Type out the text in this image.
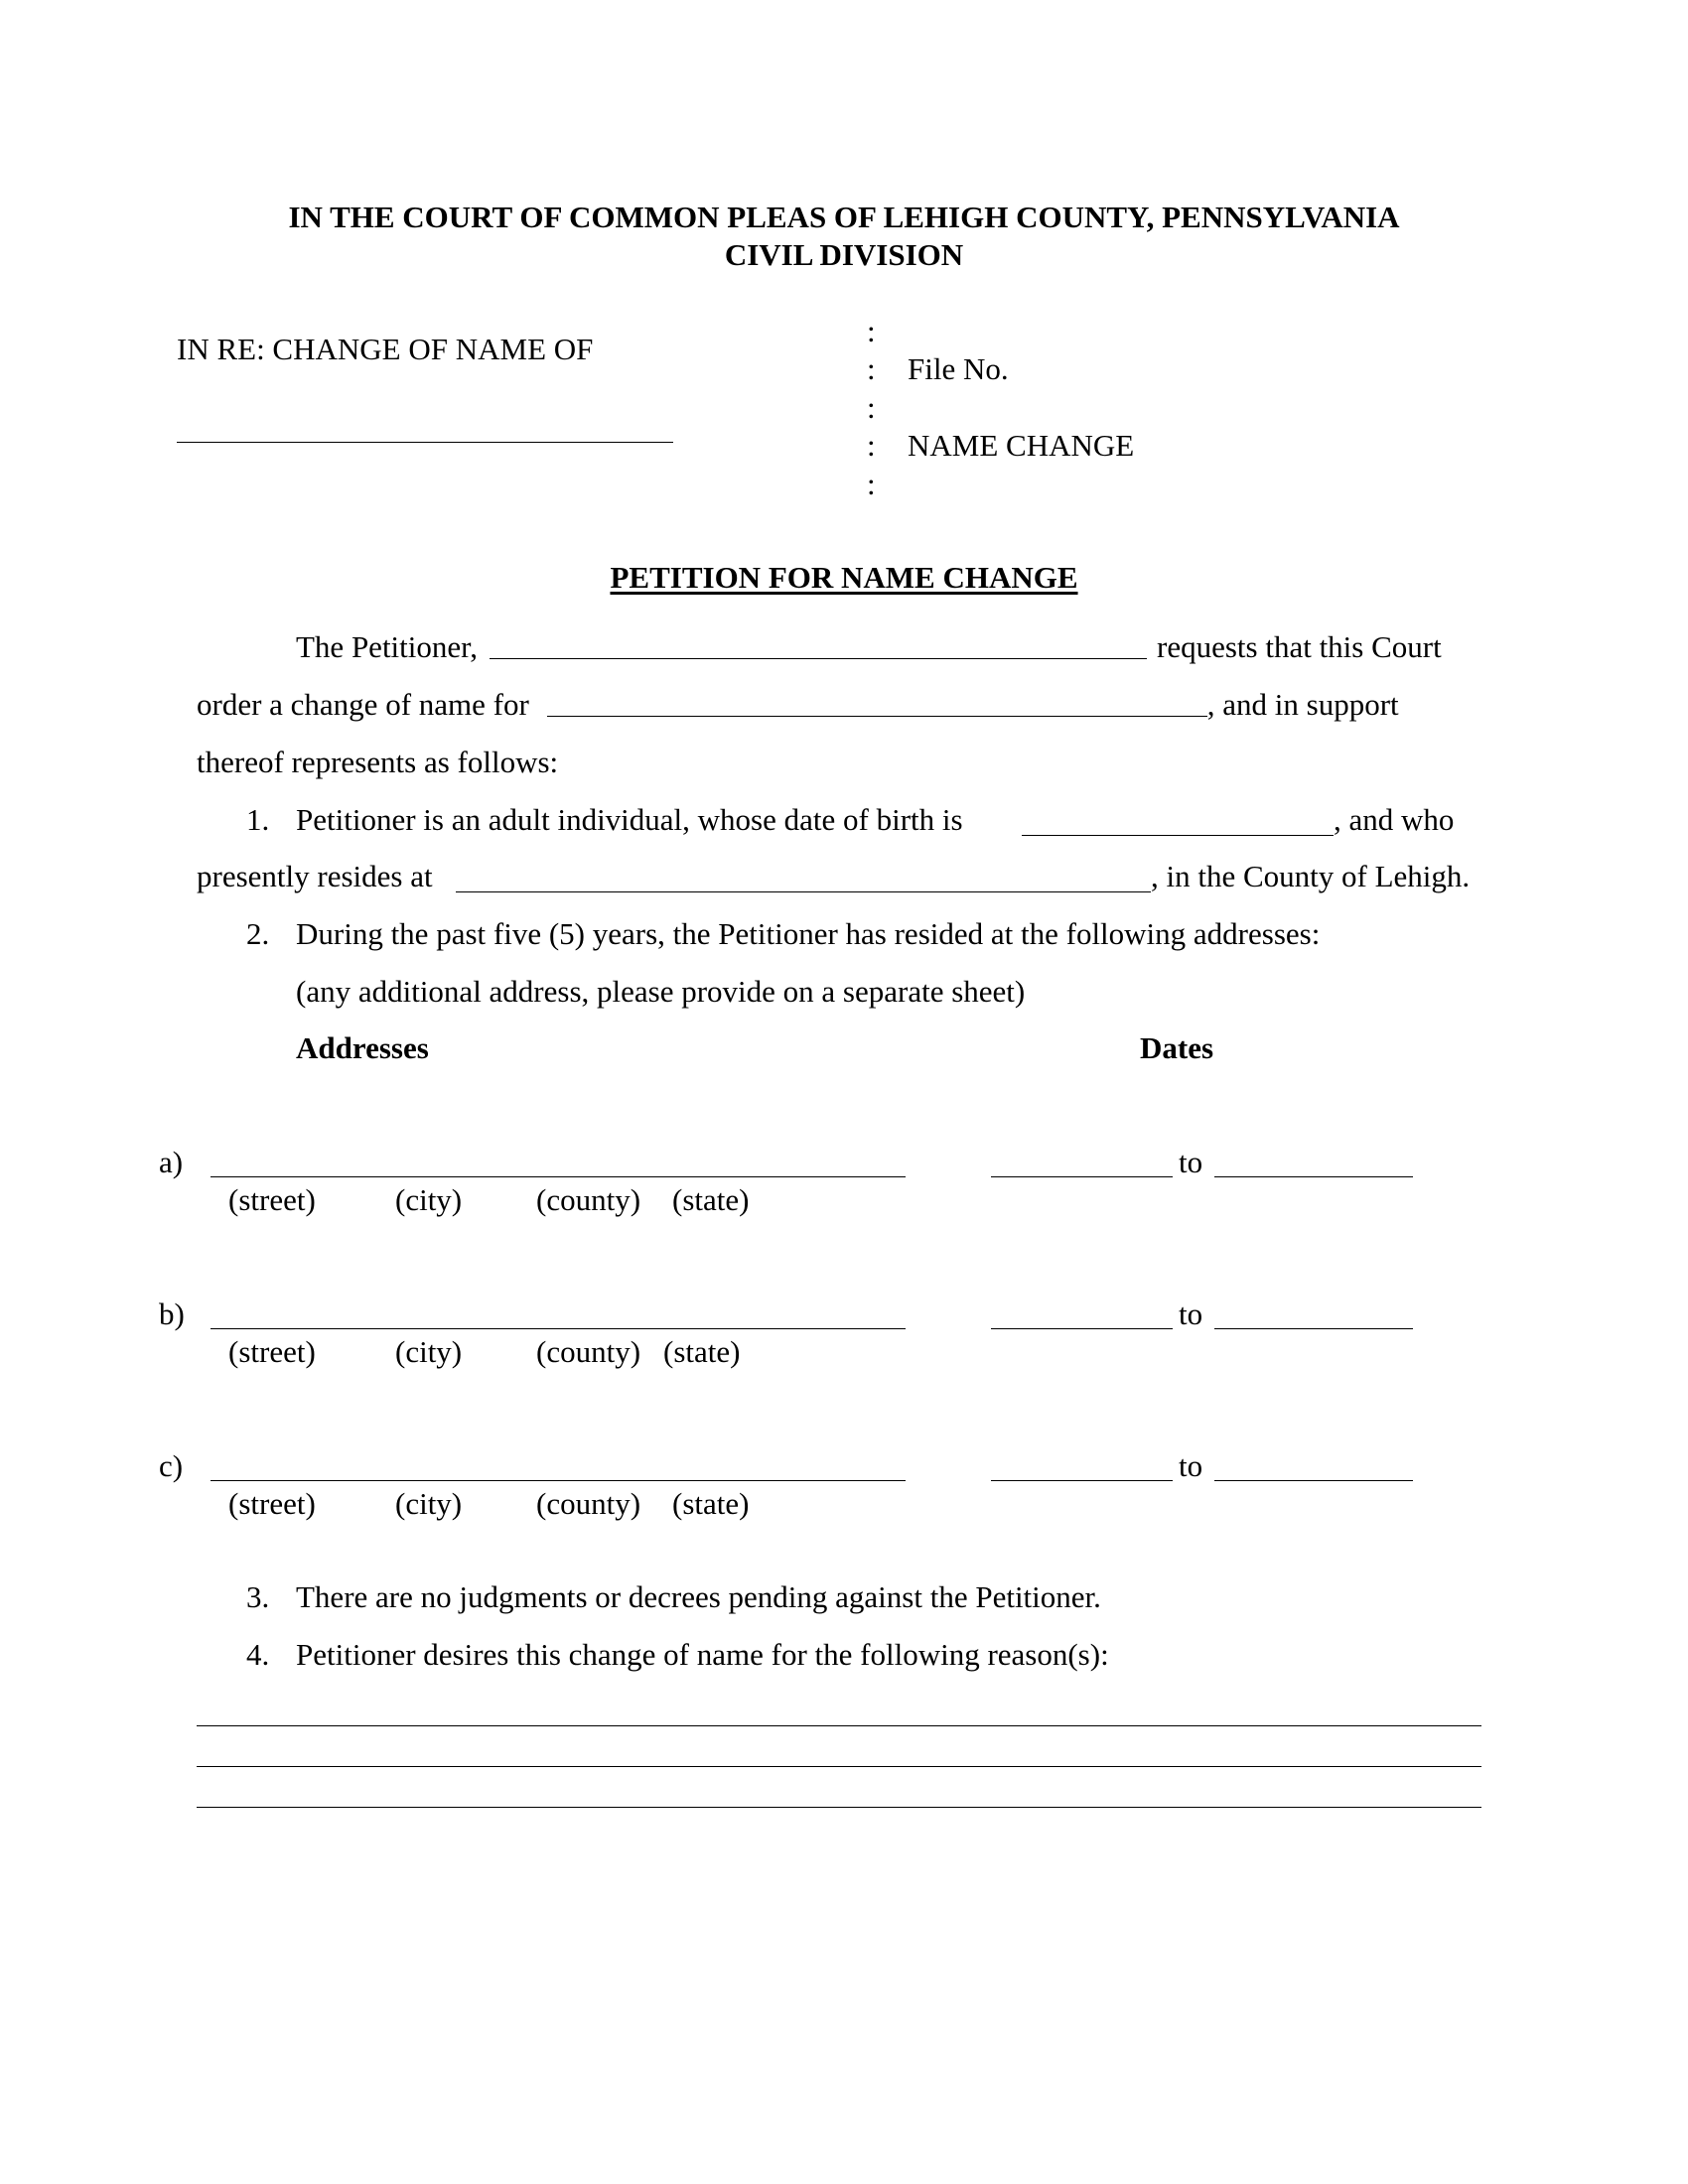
IN THE COURT OF COMMON PLEAS OF LEHIGH COUNTY, PENNSYLVANIA
CIVIL DIVISION
IN RE: CHANGE OF NAME OF
:
:
:
:
:
File No.
NAME CHANGE
PETITION FOR NAME CHANGE
The Petitioner,	requests that this Court
order a change of name for	, and in support
thereof represents as follows:
1. Petitioner is an adult individual, whose date of birth is	, and who
presently resides at	, in the County of Lehigh.
2. During the past five (5) years, the Petitioner has resided at the following addresses:
(any additional address, please provide on a separate sheet)
Addresses	Dates
a)	to
(street)	(city) (county) (state)
b)	to
(street)	(city) (county) (state)
c)	to
(street)	(city) (county) (state)
3. There are no judgments or decrees pending against the Petitioner.
4. Petitioner desires this change of name for the following reason(s):
